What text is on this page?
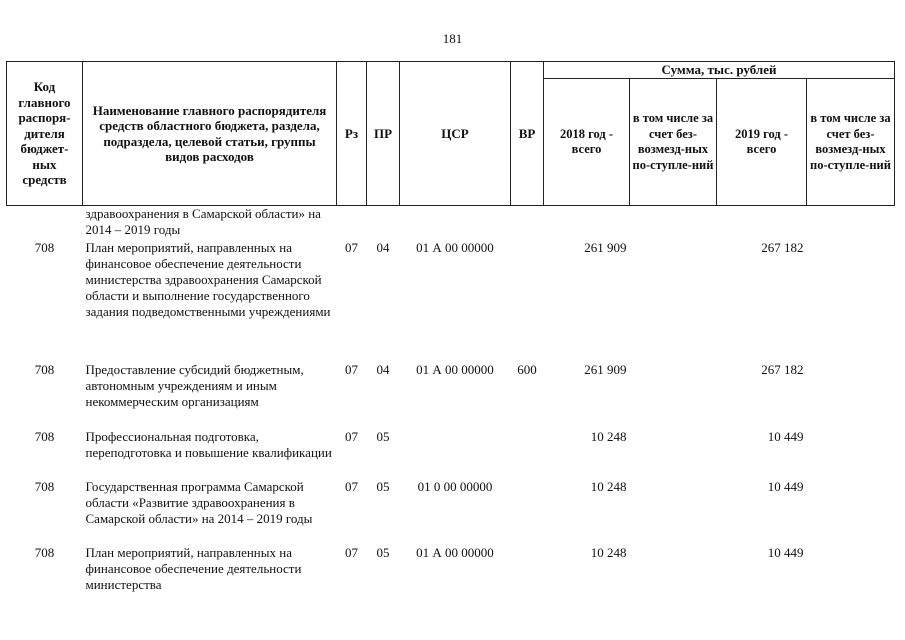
181
Код главного распоря-дителя бюджет-ных средств	Наименование главного распорядителя средств областного бюджета, раздела, подраздела, целевой статьи, группы видов расходов	Рз	ПР	ЦСР	ВР	Сумма, тыс. рублей			
						2018 год - всего	в том числе за счет без-возмезд-ных по-ступле-ний	2019 год - всего	в том числе за счет без-возмезд-ных по-ступле-ний
	здравоохранения в Самарской области» на 2014 – 2019 годы								
708	План мероприятий, направленных на финансовое обеспечение деятельности министерства здравоохранения Самарской области и выполнение государственного задания подведомственными учреждениями	07	04	01 А 00 00000		261 909		267 182	
708	Предоставление субсидий бюджетным, автономным учреждениям и иным некоммерческим организациям	07	04	01 А 00 00000	600	261 909		267 182	
708	Профессиональная подготовка, переподготовка и повышение квалификации	07	05			10 248		10 449	
708	Государственная программа Самарской области «Развитие здравоохранения в Самарской области» на 2014 – 2019 годы	07	05	01 0 00 00000		10 248		10 449	
708	План мероприятий, направленных на финансовое обеспечение деятельности министерства	07	05	01 А 00 00000		10 248		10 449	
